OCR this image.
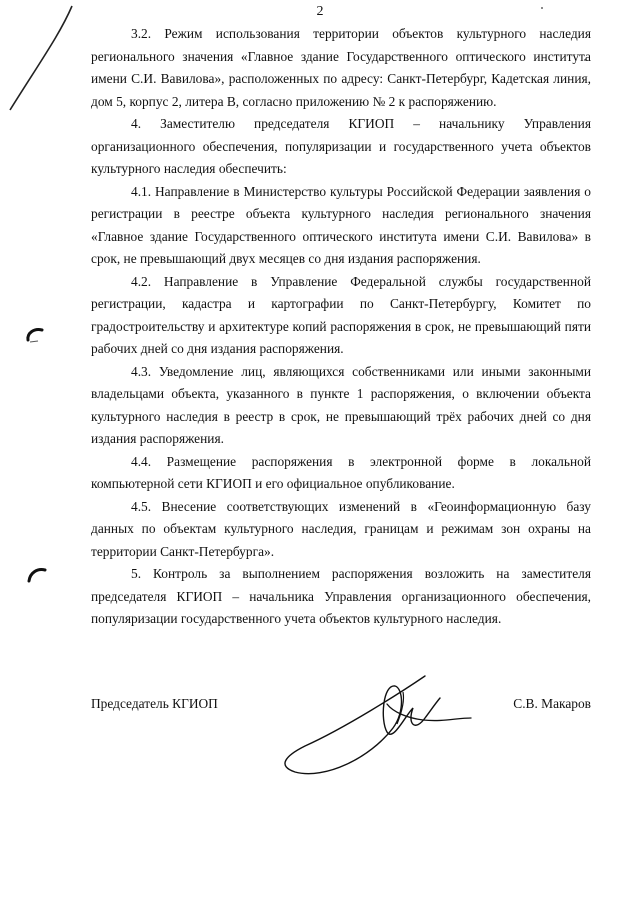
2

3.2. Режим использования территории объектов культурного наследия регионального значения «Главное здание Государственного оптического института имени С.И. Вавилова», расположенных по адресу: Санкт-Петербург, Кадетская линия, дом 5, корпус 2, литера В, согласно приложению № 2 к распоряжению.

4. Заместителю председателя КГИОП – начальнику Управления организационного обеспечения, популяризации и государственного учета объектов культурного наследия обеспечить:

4.1. Направление в Министерство культуры Российской Федерации заявления о регистрации в реестре объекта культурного наследия регионального значения «Главное здание Государственного оптического института имени С.И. Вавилова» в срок, не превышающий двух месяцев со дня издания распоряжения.

4.2. Направление в Управление Федеральной службы государственной регистрации, кадастра и картографии по Санкт-Петербургу, Комитет по градостроительству и архитектуре копий распоряжения в срок, не превышающий пяти рабочих дней со дня издания распоряжения.

4.3. Уведомление лиц, являющихся собственниками или иными законными владельцами объекта, указанного в пункте 1 распоряжения, о включении объекта культурного наследия в реестр в срок, не превышающий трёх рабочих дней со дня издания распоряжения.

4.4. Размещение распоряжения в электронной форме в локальной компьютерной сети КГИОП и его официальное опубликование.

4.5. Внесение соответствующих изменений в «Геоинформационную базу данных по объектам культурного наследия, границам и режимам зон охраны на территории Санкт-Петербурга».

5. Контроль за выполнением распоряжения возложить на заместителя председателя КГИОП – начальника Управления организационного обеспечения, популяризации государственного учета объектов культурного наследия.

Председатель КГИОП	С.В. Макаров
